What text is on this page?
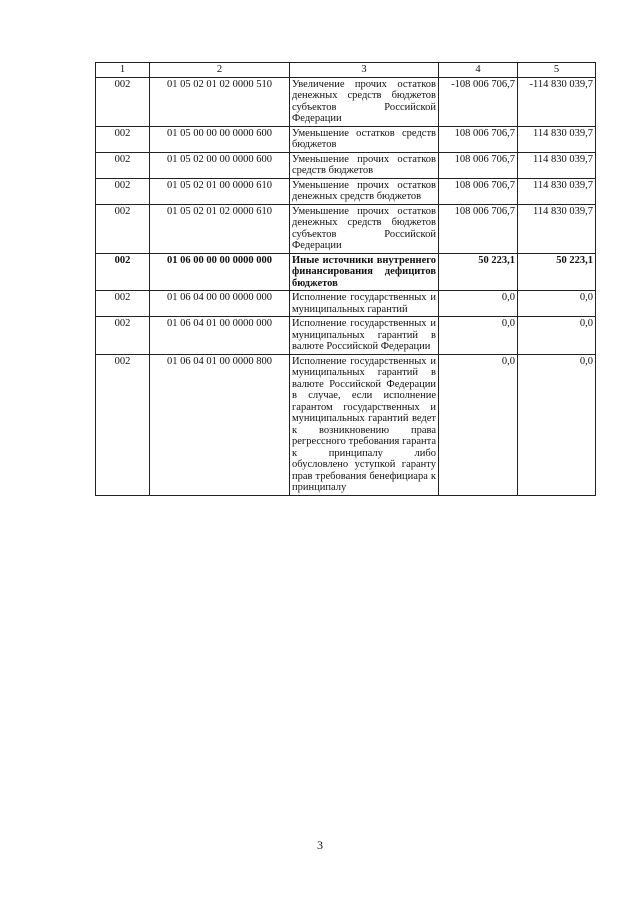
1	2	3	4	5
002	01 05 02 01 02 0000 510	Увеличение прочих остатков денежных средств бюджетов субъектов Российской Федерации	-108 006 706,7	-114 830 039,7
002	01 05 00 00 00 0000 600	Уменьшение остатков средств бюджетов	108 006 706,7	114 830 039,7
002	01 05 02 00 00 0000 600	Уменьшение прочих остатков средств бюджетов	108 006 706,7	114 830 039,7
002	01 05 02 01 00 0000 610	Уменьшение прочих остатков денежных средств бюджетов	108 006 706,7	114 830 039,7
002	01 05 02 01 02 0000 610	Уменьшение прочих остатков денежных средств бюджетов субъектов Российской Федерации	108 006 706,7	114 830 039,7
002	01 06 00 00 00 0000 000	Иные источники внутреннего финансирования дефицитов бюджетов	50 223,1	50 223,1
002	01 06 04 00 00 0000 000	Исполнение государственных и муниципальных гарантий	0,0	0,0
002	01 06 04 01 00 0000 000	Исполнение государственных и муниципальных гарантий в валюте Российской Федерации	0,0	0,0
002	01 06 04 01 00 0000 800	Исполнение государственных и муниципальных гарантий в валюте Российской Федерации в случае, если исполнение гарантом государственных и муниципальных гарантий ведет к возникновению права регрессного требования гаранта к принципалу либо обусловлено уступкой гаранту прав требования бенефициара к принципалу	0,0	0,0
3
